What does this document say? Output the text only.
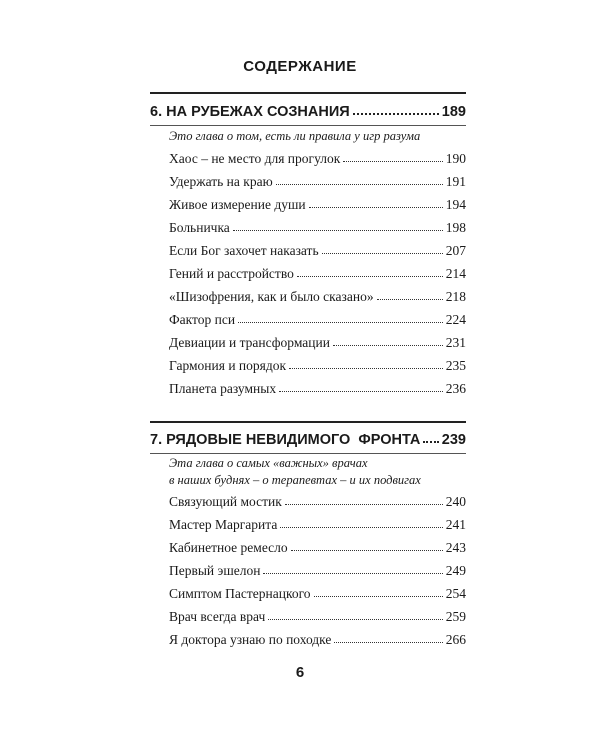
СОДЕРЖАНИЕ
6. НА РУБЕЖАХ СОЗНАНИЯ	189
Это глава о том, есть ли правила у игр разума
Хаос – не место для прогулок	190
Удержать на краю	191
Живое измерение души	194
Больничка	198
Если Бог захочет наказать	207
Гений и расстройство	214
«Шизофрения, как и было сказано»	218
Фактор пси	224
Девиации и трансформации	231
Гармония и порядок	235
Планета разумных	236
7. РЯДОВЫЕ НЕВИДИМОГО  ФРОНТА 239
Эта глава о самых «важных» врачах
в наших буднях – о терапевтах – и их подвигах
Связующий мостик	240
Мастер Маргарита	241
Кабинетное ремесло	243
Первый эшелон	249
Симптом Пастернацкого	254
Врач всегда врач	259
Я доктора узнаю по походке	266
6
